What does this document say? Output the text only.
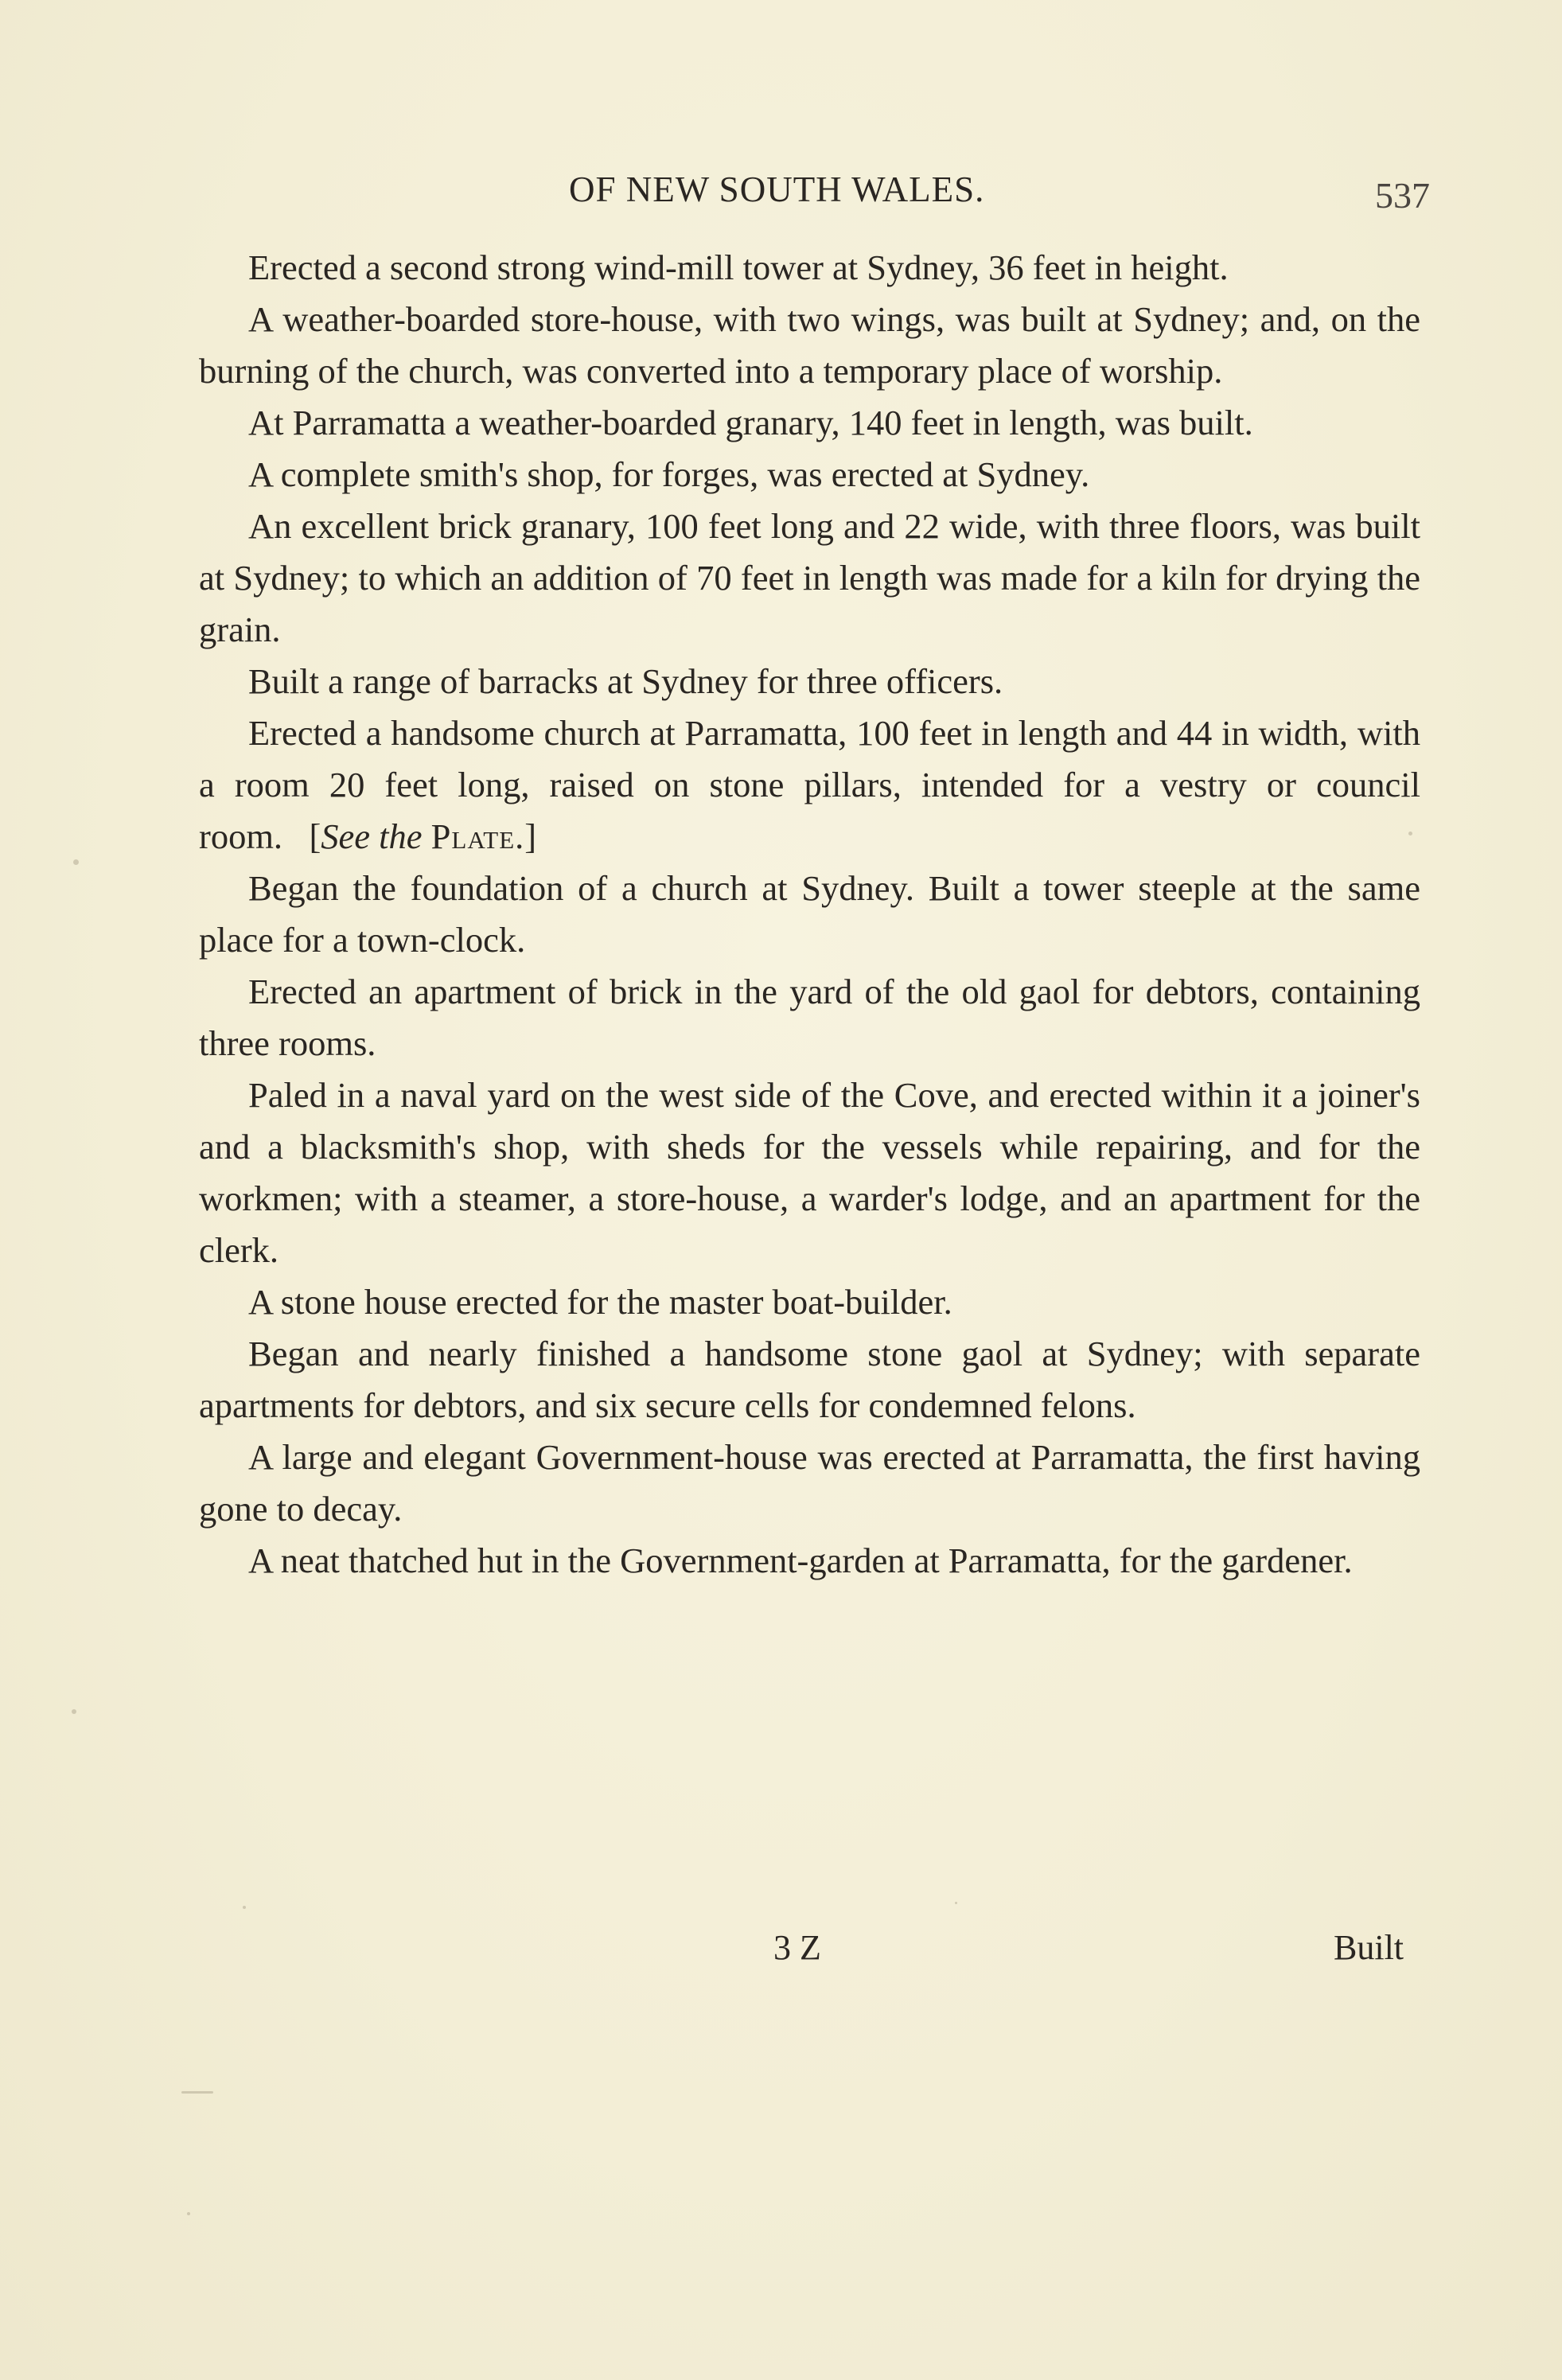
OF NEW SOUTH WALES.	537

Erected a second strong wind-mill tower at Sydney, 36 feet in height.

A weather-boarded store-house, with two wings, was built at Sydney; and, on the burning of the church, was converted into a temporary place of worship.

At Parramatta a weather-boarded granary, 140 feet in length, was built.

A complete smith's shop, for forges, was erected at Sydney.

An excellent brick granary, 100 feet long and 22 wide, with three floors, was built at Sydney; to which an addition of 70 feet in length was made for a kiln for drying the grain.

Built a range of barracks at Sydney for three officers.

Erected a handsome church at Parramatta, 100 feet in length and 44 in width, with a room 20 feet long, raised on stone pillars, intended for a vestry or council room. [See the Plate.]

Began the foundation of a church at Sydney. Built a tower steeple at the same place for a town-clock.

Erected an apartment of brick in the yard of the old gaol for debtors, containing three rooms.

Paled in a naval yard on the west side of the Cove, and erected within it a joiner's and a blacksmith's shop, with sheds for the vessels while repairing, and for the workmen; with a steamer, a store-house, a warder's lodge, and an apartment for the clerk.

A stone house erected for the master boat-builder.

Began and nearly finished a handsome stone gaol at Sydney; with separate apartments for debtors, and six secure cells for condemned felons.

A large and elegant Government-house was erected at Parramatta, the first having gone to decay.

A neat thatched hut in the Government-garden at Parramatta, for the gardener.

3 Z	Built
